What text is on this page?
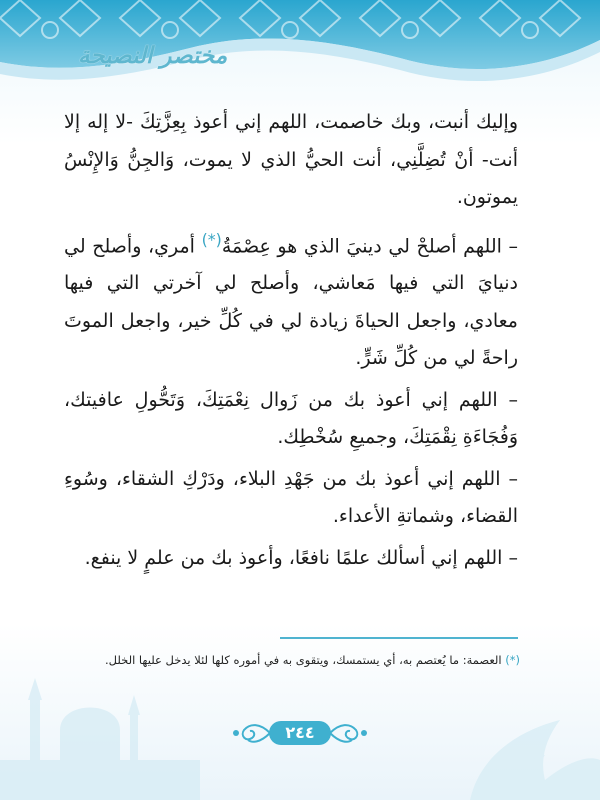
مختصر النصيحة

وإليك أنبت، وبك خاصمت، اللهم إني أعوذ بِعِزَّتِكَ -لا إله إلا أنت- أنْ تُضِلَّنِي، أنت الحيُّ الذي لا يموت، وَالجِنُّ وَالإِنْسُ يموتون.

– اللهم أصلحْ لي دينيَ الذي هو عِصْمَةُ(*) أمري، وأصلح لي دنيايَ التي فيها مَعاشي، وأصلح لي آخرتي التي فيها معادي، واجعل الحياةَ زيادة لي في كُلِّ خير، واجعل الموتَ راحةً لي من كُلِّ شَرٍّ.

– اللهم إني أعوذ بك من زَوال نِعْمَتِكَ، وَتَحُّولِ عافيتك، وَفُجَاءَةِ نِقْمَتِكَ، وجميعِ سُخْطِك.

– اللهم إني أعوذ بك من جَهْدِ البلاء، ودَرْكِ الشقاء، وسُوءِ القضاء، وشماتةِ الأعداء.

– اللهم إني أسألك علمًا نافعًا، وأعوذ بك من علمٍ لا ينفع.

(*) العصمة: ما يُعتصم به، أي يستمسك، ويتقوى به في أموره كلها لئلا يدخل عليها الخلل.
٢٤٤
